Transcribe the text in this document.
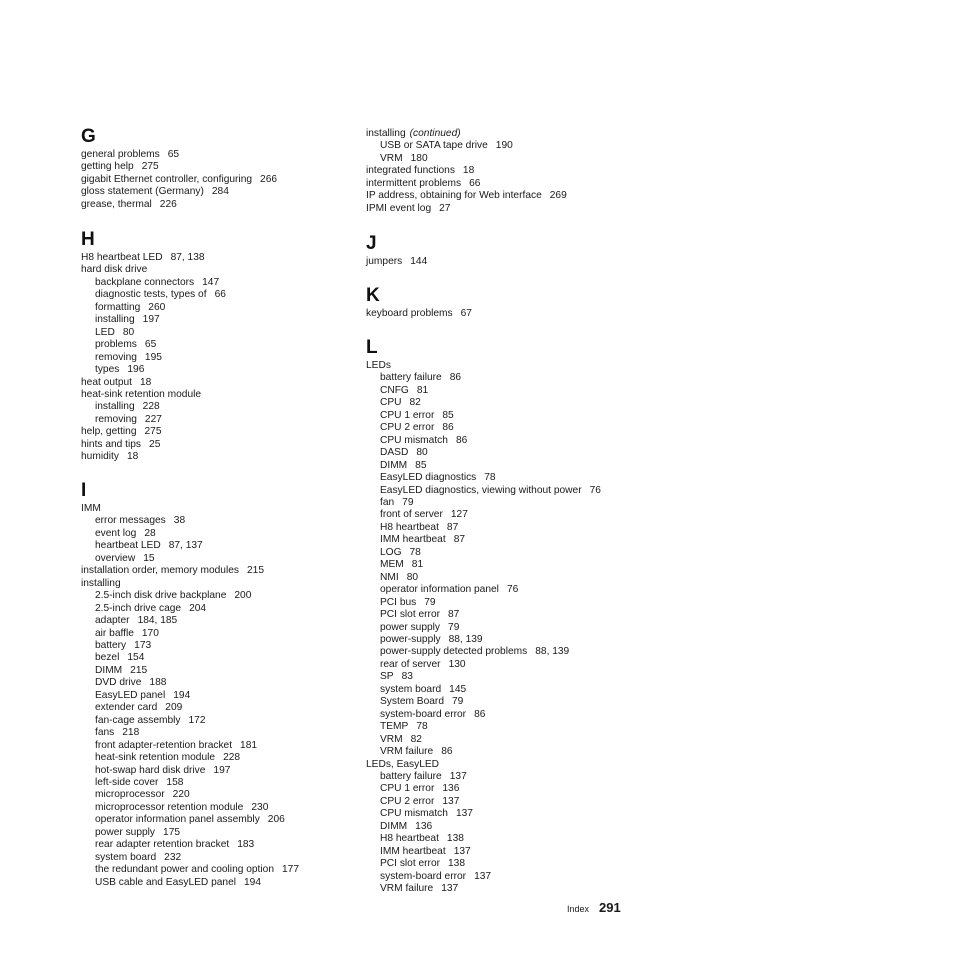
G
general problems 65
getting help 275
gigabit Ethernet controller, configuring 266
gloss statement (Germany) 284
grease, thermal 226
H
H8 heartbeat LED 87, 138
hard disk drive
backplane connectors 147
diagnostic tests, types of 66
formatting 260
installing 197
LED 80
problems 65
removing 195
types 196
heat output 18
heat-sink retention module
installing 228
removing 227
help, getting 275
hints and tips 25
humidity 18
I
IMM
error messages 38
event log 28
heartbeat LED 87, 137
overview 15
installation order, memory modules 215
installing
2.5-inch disk drive backplane 200
2.5-inch drive cage 204
adapter 184, 185
air baffle 170
battery 173
bezel 154
DIMM 215
DVD drive 188
EasyLED panel 194
extender card 209
fan-cage assembly 172
fans 218
front adapter-retention bracket 181
heat-sink retention module 228
hot-swap hard disk drive 197
left-side cover 158
microprocessor 220
microprocessor retention module 230
operator information panel assembly 206
power supply 175
rear adapter retention bracket 183
system board 232
the redundant power and cooling option 177
USB cable and EasyLED panel 194
installing (continued)
USB or SATA tape drive 190
VRM 180
integrated functions 18
intermittent problems 66
IP address, obtaining for Web interface 269
IPMI event log 27
J
jumpers 144
K
keyboard problems 67
L
LEDs
battery failure 86
CNFG 81
CPU 82
CPU 1 error 85
CPU 2 error 86
CPU mismatch 86
DASD 80
DIMM 85
EasyLED diagnostics 78
EasyLED diagnostics, viewing without power 76
fan 79
front of server 127
H8 heartbeat 87
IMM heartbeat 87
LOG 78
MEM 81
NMI 80
operator information panel 76
PCI bus 79
PCI slot error 87
power supply 79
power-supply 88, 139
power-supply detected problems 88, 139
rear of server 130
SP 83
system board 145
System Board 79
system-board error 86
TEMP 78
VRM 82
VRM failure 86
LEDs, EasyLED
battery failure 137
CPU 1 error 136
CPU 2 error 137
CPU mismatch 137
DIMM 136
H8 heartbeat 138
IMM heartbeat 137
PCI slot error 138
system-board error 137
VRM failure 137
Index 291
